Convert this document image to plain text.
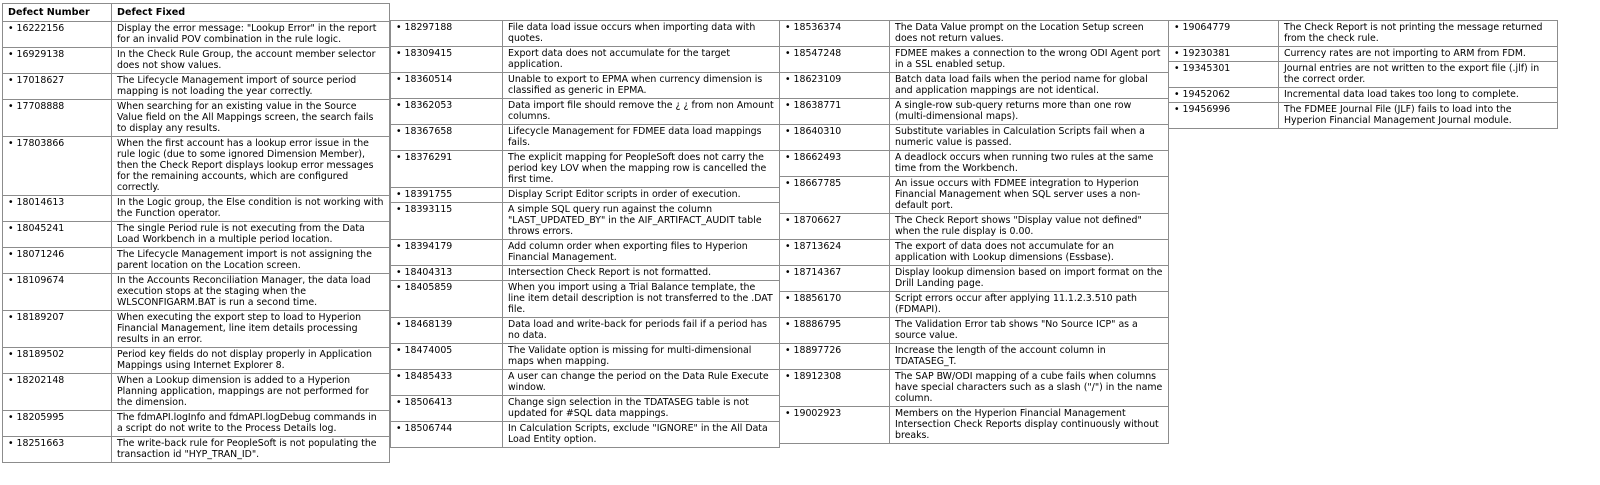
Defect Number	Defect Fixed
• 16222156	Display the error message: "Lookup Error" in the report for an invalid POV combination in the rule logic.
• 16929138	In the Check Rule Group, the account member selector does not show values.
• 17018627	The Lifecycle Management import of source period mapping is not loading the year correctly.
• 17708888	When searching for an existing value in the Source Value field on the All Mappings screen, the search fails to display any results.
• 17803866	When the first account has a lookup error issue in the rule logic (due to some ignored Dimension Member), then the Check Report displays lookup error messages for the remaining accounts, which are configured correctly.
• 18014613	In the Logic group, the Else condition is not working with the Function operator.
• 18045241	The single Period rule is not executing from the Data Load Workbench in a multiple period location.
• 18071246	The Lifecycle Management import is not assigning the parent location on the Location screen.
• 18109674	In the Accounts Reconciliation Manager, the data load execution stops at the staging when the WLSCONFIGARM.BAT is run a second time.
• 18189207	When executing the export step to load to Hyperion Financial Management, line item details processing results in an error.
• 18189502	Period key fields do not display properly in Application Mappings using Internet Explorer 8.
• 18202148	When a Lookup dimension is added to a Hyperion Planning application, mappings are not performed for the dimension.
• 18205995	The fdmAPI.logInfo and fdmAPI.logDebug commands in a script do not write to the Process Details log.
• 18251663	The write-back rule for PeopleSoft is not populating the transaction id "HYP_TRAN_ID".
• 18297188	File data load issue occurs when importing data with quotes.
• 18309415	Export data does not accumulate for the target application.
• 18360514	Unable to export to EPMA when currency dimension is classified as generic in EPMA.
• 18362053	Data import file should remove the ¿ ¿ from non Amount columns.
• 18367658	Lifecycle Management for FDMEE data load mappings fails.
• 18376291	The explicit mapping for PeopleSoft does not carry the period key LOV when the mapping row is cancelled the first time.
• 18391755	Display Script Editor scripts in order of execution.
• 18393115	A simple SQL query run against the column "LAST_UPDATED_BY" in the AIF_ARTIFACT_AUDIT table throws errors.
• 18394179	Add column order when exporting files to Hyperion Financial Management.
• 18404313	Intersection Check Report is not formatted.
• 18405859	When you import using a Trial Balance template, the line item detail description is not transferred to the .DAT file.
• 18468139	Data load and write-back for periods fail if a period has no data.
• 18474005	The Validate option is missing for multi-dimensional maps when mapping.
• 18485433	A user can change the period on the Data Rule Execute window.
• 18506413	Change sign selection in the TDATASEG table is not updated for #SQL data mappings.
• 18506744	In Calculation Scripts, exclude "IGNORE" in the All Data Load Entity option.
• 18536374	The Data Value prompt on the Location Setup screen does not return values.
• 18547248	FDMEE makes a connection to the wrong ODI Agent port in a SSL enabled setup.
• 18623109	Batch data load fails when the period name for global and application mappings are not identical.
• 18638771	A single-row sub-query returns more than one row (multi-dimensional maps).
• 18640310	Substitute variables in Calculation Scripts fail when a numeric value is passed.
• 18662493	A deadlock occurs when running two rules at the same time from the Workbench.
• 18667785	An issue occurs with FDMEE integration to Hyperion Financial Management when SQL server uses a non-default port.
• 18706627	The Check Report shows "Display value not defined" when the rule display is 0.00.
• 18713624	The export of data does not accumulate for an application with Lookup dimensions (Essbase).
• 18714367	Display lookup dimension based on import format on the Drill Landing page.
• 18856170	Script errors occur after applying 11.1.2.3.510 path (FDMAPI).
• 18886795	The Validation Error tab shows "No Source ICP" as a source value.
• 18897726	Increase the length of the account column in TDATASEG_T.
• 18912308	The SAP BW/ODI mapping of a cube fails when columns have special characters such as a slash ("/") in the name column.
• 19002923	Members on the Hyperion Financial Management Intersection Check Reports display continuously without breaks.
• 19064779	The Check Report is not printing the message returned from the check rule.
• 19230381	Currency rates are not importing to ARM from FDM.
• 19345301	Journal entries are not written to the export file (.jlf) in the correct order.
• 19452062	Incremental data load takes too long to complete.
• 19456996	The FDMEE Journal File (JLF) fails to load into the Hyperion Financial Management Journal module.
